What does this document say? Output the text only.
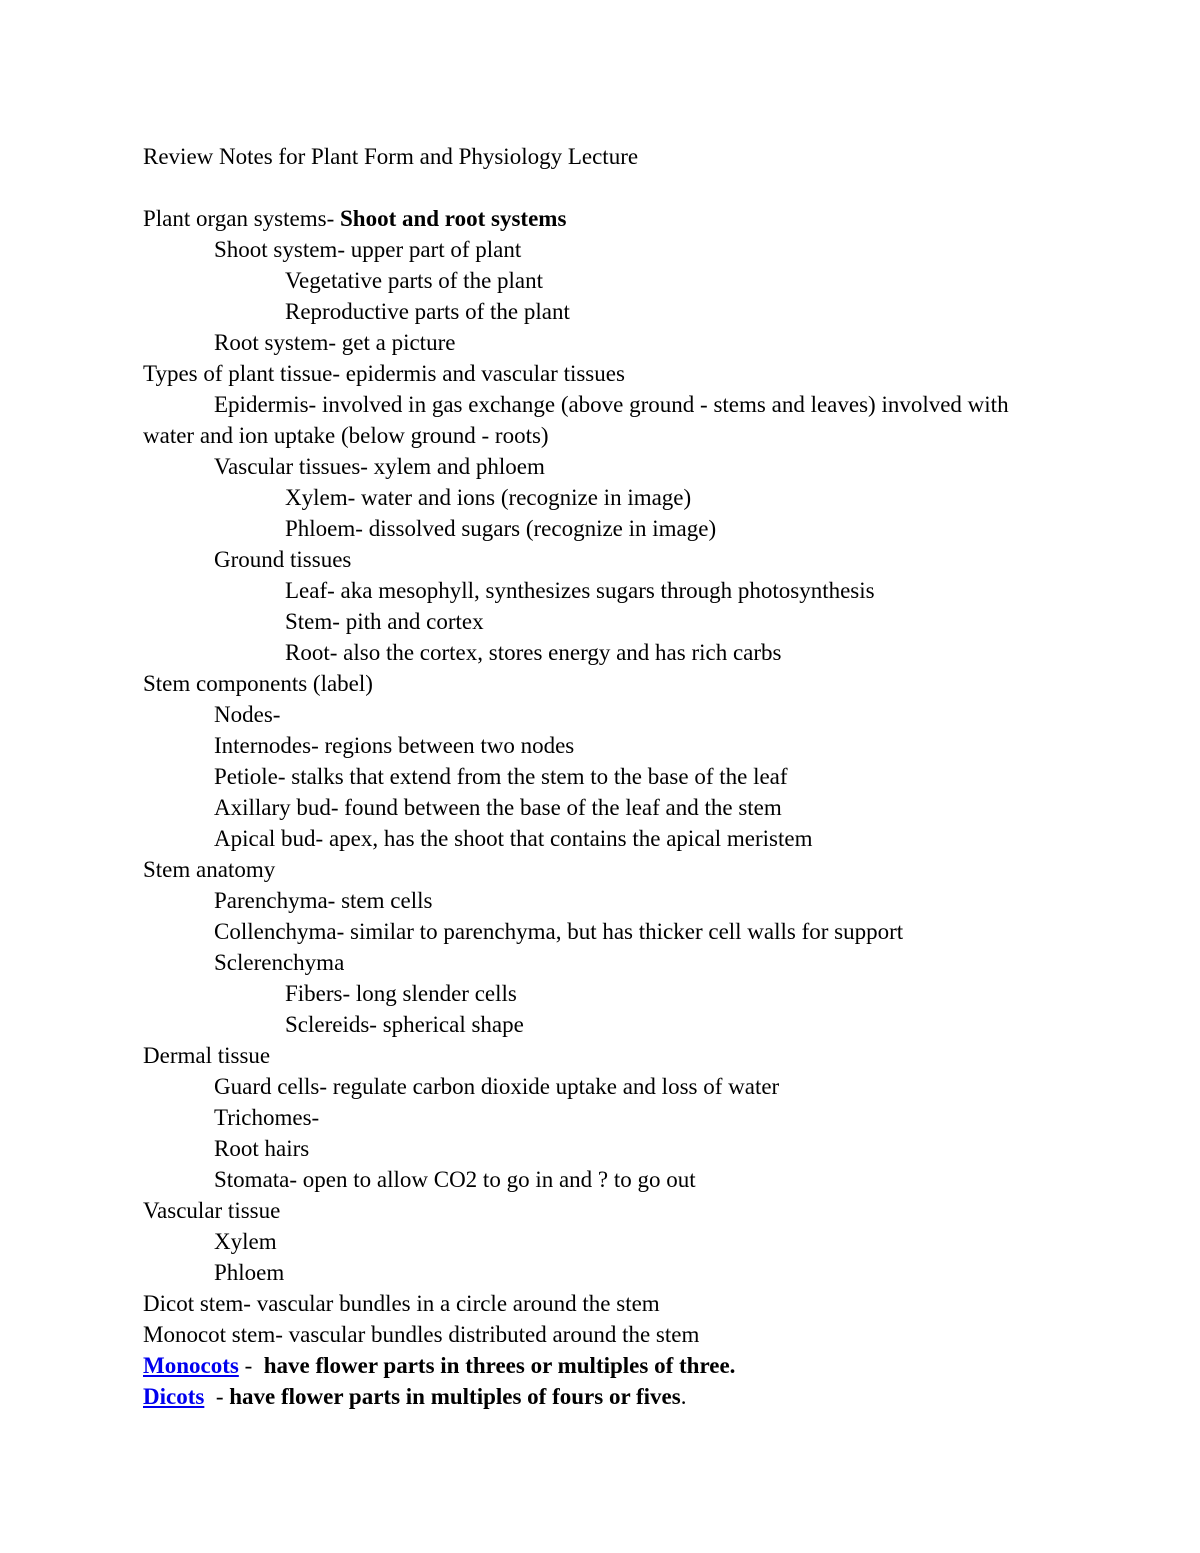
Review Notes for Plant Form and Physiology Lecture

Plant organ systems- Shoot and root systems
Shoot system- upper part of plant
Vegetative parts of the plant
Reproductive parts of the plant
Root system- get a picture
Types of plant tissue- epidermis and vascular tissues
Epidermis- involved in gas exchange (above ground - stems and leaves) involved with
water and ion uptake (below ground - roots)
Vascular tissues- xylem and phloem
Xylem- water and ions (recognize in image)
Phloem- dissolved sugars (recognize in image)
Ground tissues
Leaf- aka mesophyll, synthesizes sugars through photosynthesis
Stem- pith and cortex
Root- also the cortex, stores energy and has rich carbs
Stem components (label)
Nodes-
Internodes- regions between two nodes
Petiole- stalks that extend from the stem to the base of the leaf
Axillary bud- found between the base of the leaf and the stem
Apical bud- apex, has the shoot that contains the apical meristem
Stem anatomy
Parenchyma- stem cells
Collenchyma- similar to parenchyma, but has thicker cell walls for support
Sclerenchyma
Fibers- long slender cells
Sclereids- spherical shape
Dermal tissue
Guard cells- regulate carbon dioxide uptake and loss of water
Trichomes-
Root hairs
Stomata- open to allow CO2 to go in and ? to go out
Vascular tissue
Xylem
Phloem
Dicot stem- vascular bundles in a circle around the stem
Monocot stem- vascular bundles distributed around the stem
Monocots -  have flower parts in threes or multiples of three.
Dicots  - have flower parts in multiples of fours or fives.
